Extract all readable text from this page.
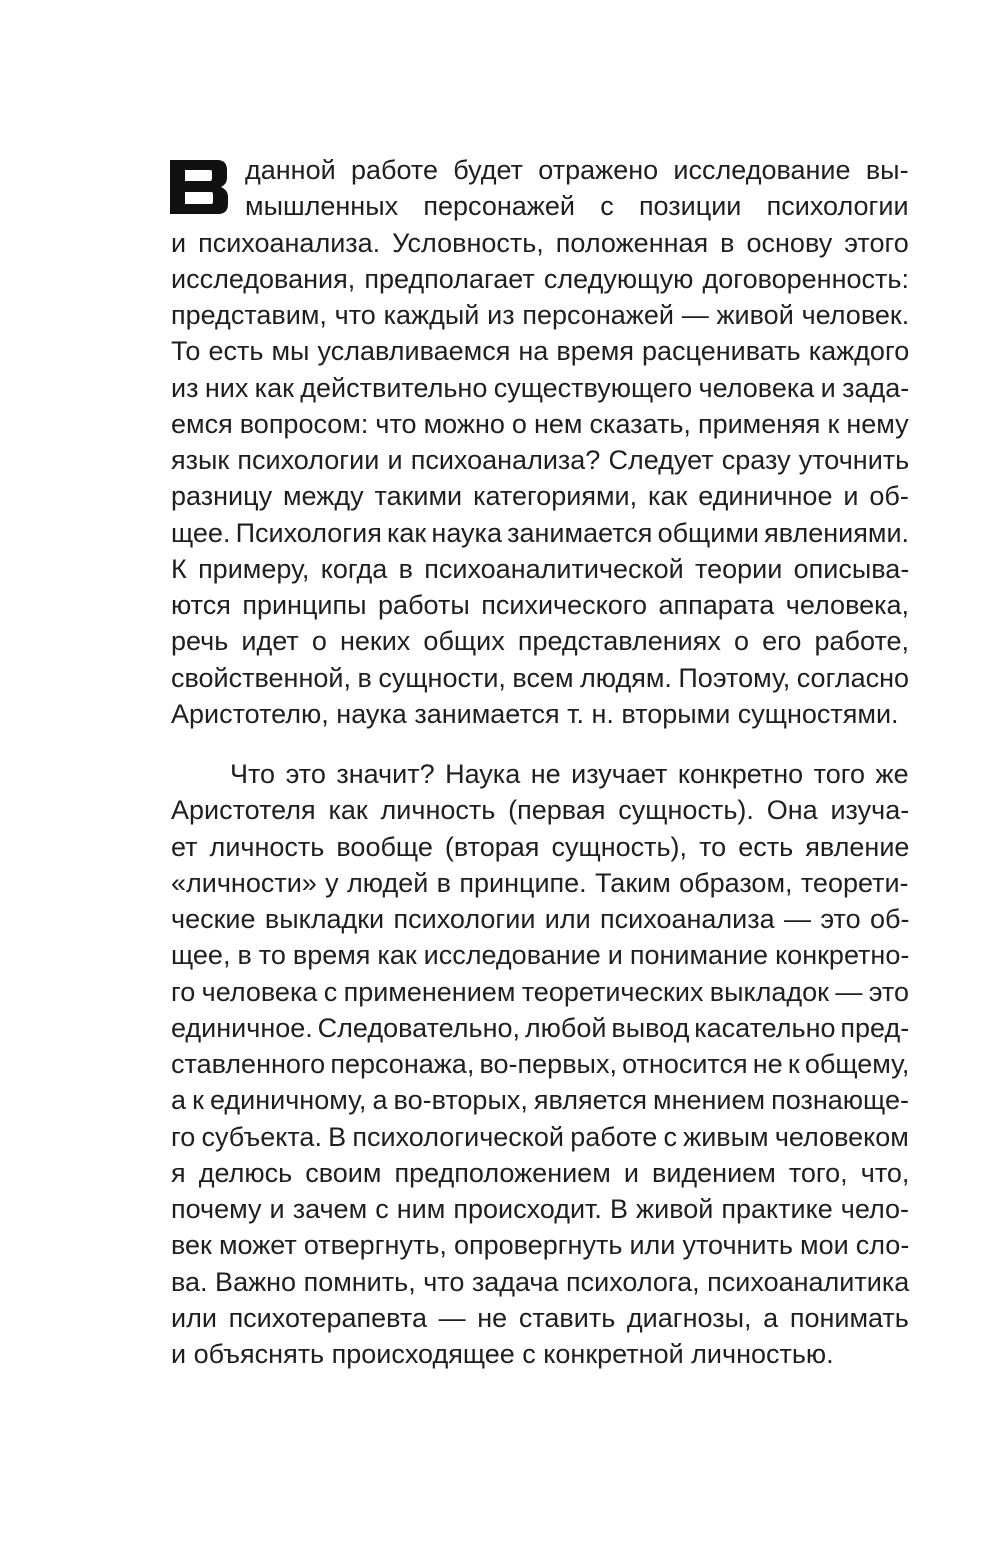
данной работе будет отражено исследование вы-
мышленных персонажей с позиции психологии
и психоанализа. Условность, положенная в основу этого
исследования, предполагает следующую договоренность:
представим, что каждый из персонажей — живой человек.
То есть мы уславливаемся на время расценивать каждого
из них как действительно существующего человека и зада-
емся вопросом: что можно о нем сказать, применяя к нему
язык психологии и психоанализа? Следует сразу уточнить
разницу между такими категориями, как единичное и об-
щее. Психология как наука занимается общими явлениями.
К примеру, когда в психоаналитической теории описыва-
ются принципы работы психического аппарата человека,
речь идет о неких общих представлениях о его работе,
свойственной, в сущности, всем людям. Поэтому, согласно
Аристотелю, наука занимается т. н. вторыми сущностями.
Что это значит? Наука не изучает конкретно того же
Аристотеля как личность (первая сущность). Она изуча-
ет личность вообще (вторая сущность), то есть явление
«личности» у людей в принципе. Таким образом, теорети-
ческие выкладки психологии или психоанализа — это об-
щее, в то время как исследование и понимание конкретно-
го человека с применением теоретических выкладок — это
единичное. Следовательно, любой вывод касательно пред-
ставленного персонажа, во-первых, относится не к общему,
а к единичному, а во-вторых, является мнением познающе-
го субъекта. В психологической работе с живым человеком
я делюсь своим предположением и видением того, что,
почему и зачем с ним происходит. В живой практике чело-
век может отвергнуть, опровергнуть или уточнить мои сло-
ва. Важно помнить, что задача психолога, психоаналитика
или психотерапевта — не ставить диагнозы, а понимать
и объяснять происходящее с конкретной личностью.
